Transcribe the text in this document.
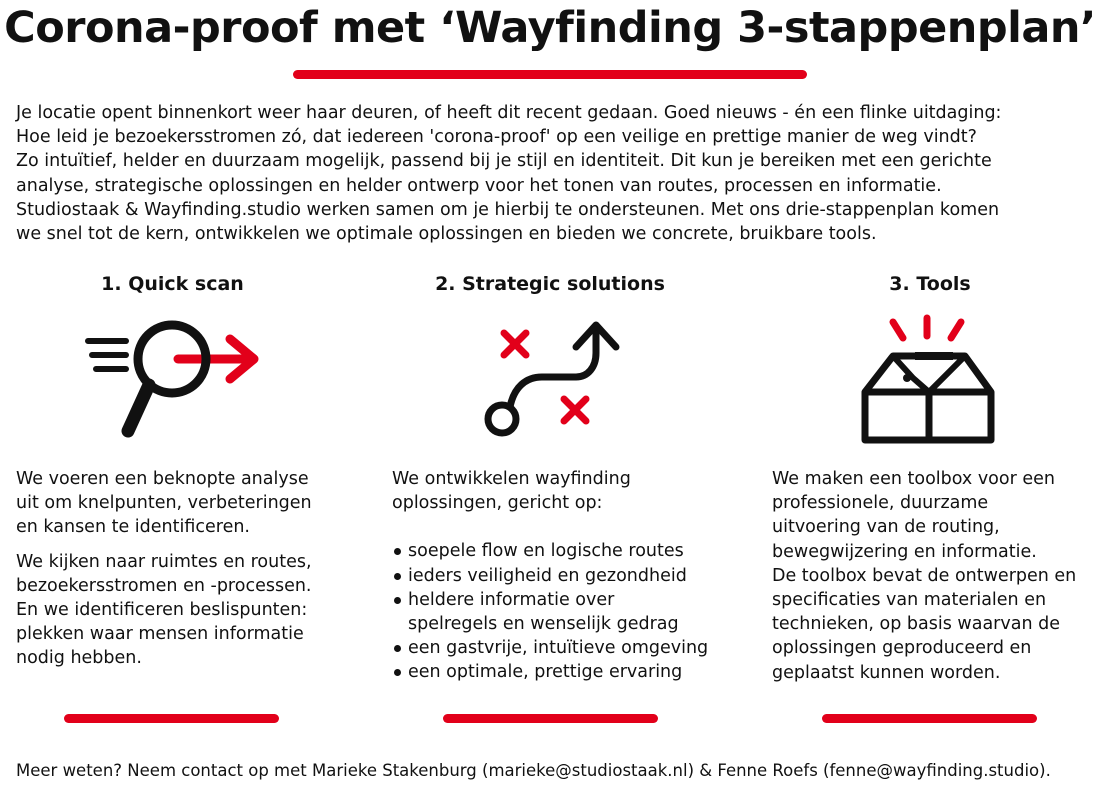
Corona-proof met ‘Wayfinding 3-stappenplan’

Je locatie opent binnenkort weer haar deuren, of heeft dit recent gedaan. Goed nieuws - én een flinke uitdaging:
Hoe leid je bezoekersstromen zó, dat iedereen 'corona-proof' op een veilige en prettige manier de weg vindt?
Zo intuïtief, helder en duurzaam mogelijk, passend bij je stijl en identiteit. Dit kun je bereiken met een gerichte
analyse, strategische oplossingen en helder ontwerp voor het tonen van routes, processen en informatie.
Studiostaak & Wayfinding.studio werken samen om je hierbij te ondersteunen. Met ons drie-stappenplan komen
we snel tot de kern, ontwikkelen we optimale oplossingen en bieden we concrete, bruikbare tools.

1. Quick scan
We voeren een beknopte analyse
uit om knelpunten, verbeteringen
en kansen te identificeren.
We kijken naar ruimtes en routes,
bezoekersstromen en -processen.
En we identificeren beslispunten:
plekken waar mensen informatie
nodig hebben.
2. Strategic solutions
We ontwikkelen wayfinding
oplossingen, gericht op:
soepele flow en logische routes
ieders veiligheid en gezondheid
heldere informatie over
spelregels en wenselijk gedrag
een gastvrije, intuïtieve omgeving
een optimale, prettige ervaring
3. Tools
We maken een toolbox voor een
professionele, duurzame
uitvoering van de routing,
bewegwijzering en informatie.
De toolbox bevat de ontwerpen en
specificaties van materialen en
technieken, op basis waarvan de
oplossingen geproduceerd en
geplaatst kunnen worden.

Meer weten? Neem contact op met Marieke Stakenburg (marieke@studiostaak.nl) & Fenne Roefs (fenne@wayfinding.studio).
